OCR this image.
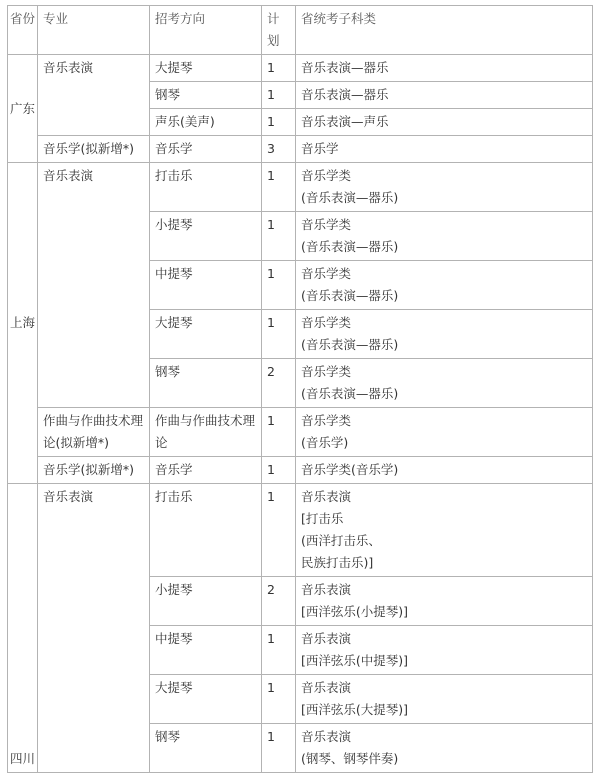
省份	专业	招考方向	计划	省统考子科类
广东	音乐表演	大提琴	1	音乐表演—器乐
		钢琴	1	音乐表演—器乐
		声乐(美声)	1	音乐表演—声乐
	音乐学(拟新增*)	音乐学	3	音乐学
上海	音乐表演	打击乐	1	音乐学类
(音乐表演—器乐)

		小提琴	1	音乐学类
(音乐表演—器乐)

		中提琴	1	音乐学类
(音乐表演—器乐)

		大提琴	1	音乐学类
(音乐表演—器乐)

		钢琴	2	音乐学类
(音乐表演—器乐)

	作曲与作曲技术理论(拟新增*)	作曲与作曲技术理论	1	音乐学类
(音乐学)

	音乐学(拟新增*)	音乐学	1	音乐学类(音乐学)
四川	音乐表演	打击乐	1	音乐表演
[打击乐
(西洋打击乐、
民族打击乐)]

		小提琴	2	音乐表演
[西洋弦乐(小提琴)]

		中提琴	1	音乐表演
[西洋弦乐(中提琴)]

		大提琴	1	音乐表演
[西洋弦乐(大提琴)]

		钢琴	1	音乐表演
(钢琴、钢琴伴奏)
